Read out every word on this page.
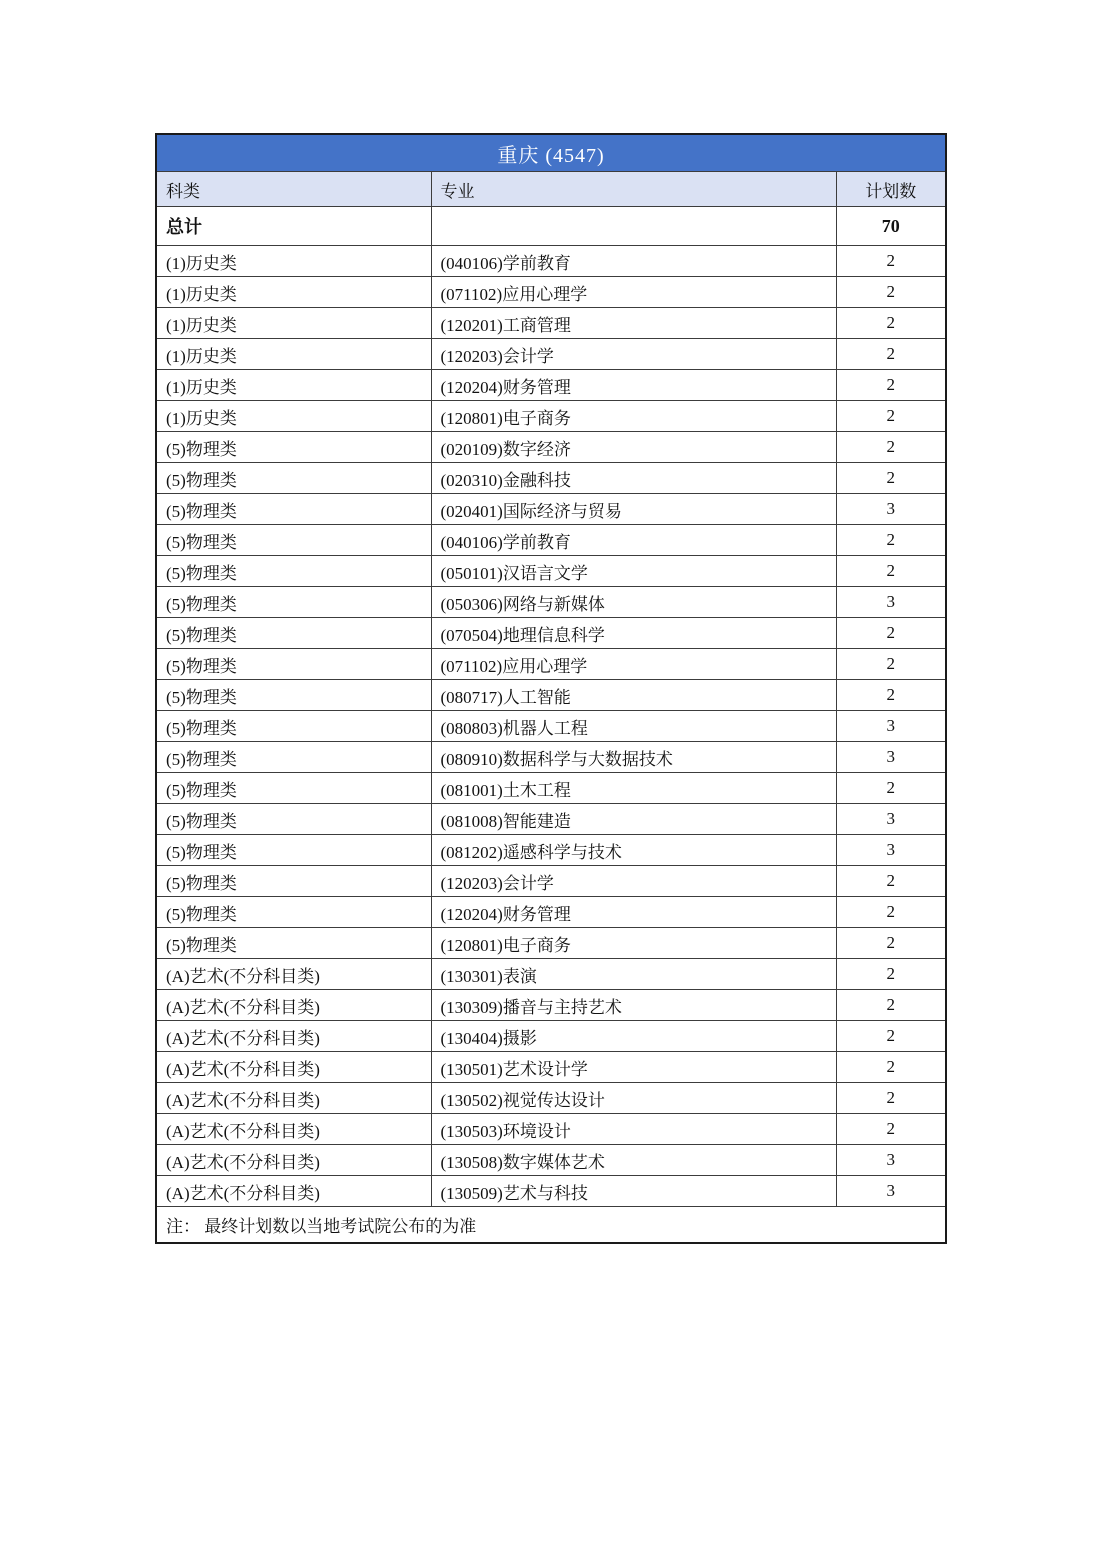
重庆 (4547)		
科类	专业	计划数
总计		70
(1)历史类	(040106)学前教育	2
(1)历史类	(071102)应用心理学	2
(1)历史类	(120201)工商管理	2
(1)历史类	(120203)会计学	2
(1)历史类	(120204)财务管理	2
(1)历史类	(120801)电子商务	2
(5)物理类	(020109)数字经济	2
(5)物理类	(020310)金融科技	2
(5)物理类	(020401)国际经济与贸易	3
(5)物理类	(040106)学前教育	2
(5)物理类	(050101)汉语言文学	2
(5)物理类	(050306)网络与新媒体	3
(5)物理类	(070504)地理信息科学	2
(5)物理类	(071102)应用心理学	2
(5)物理类	(080717)人工智能	2
(5)物理类	(080803)机器人工程	3
(5)物理类	(080910)数据科学与大数据技术	3
(5)物理类	(081001)土木工程	2
(5)物理类	(081008)智能建造	3
(5)物理类	(081202)遥感科学与技术	3
(5)物理类	(120203)会计学	2
(5)物理类	(120204)财务管理	2
(5)物理类	(120801)电子商务	2
(A)艺术(不分科目类)	(130301)表演	2
(A)艺术(不分科目类)	(130309)播音与主持艺术	2
(A)艺术(不分科目类)	(130404)摄影	2
(A)艺术(不分科目类)	(130501)艺术设计学	2
(A)艺术(不分科目类)	(130502)视觉传达设计	2
(A)艺术(不分科目类)	(130503)环境设计	2
(A)艺术(不分科目类)	(130508)数字媒体艺术	3
(A)艺术(不分科目类)	(130509)艺术与科技	3
注： 最终计划数以当地考试院公布的为准		
